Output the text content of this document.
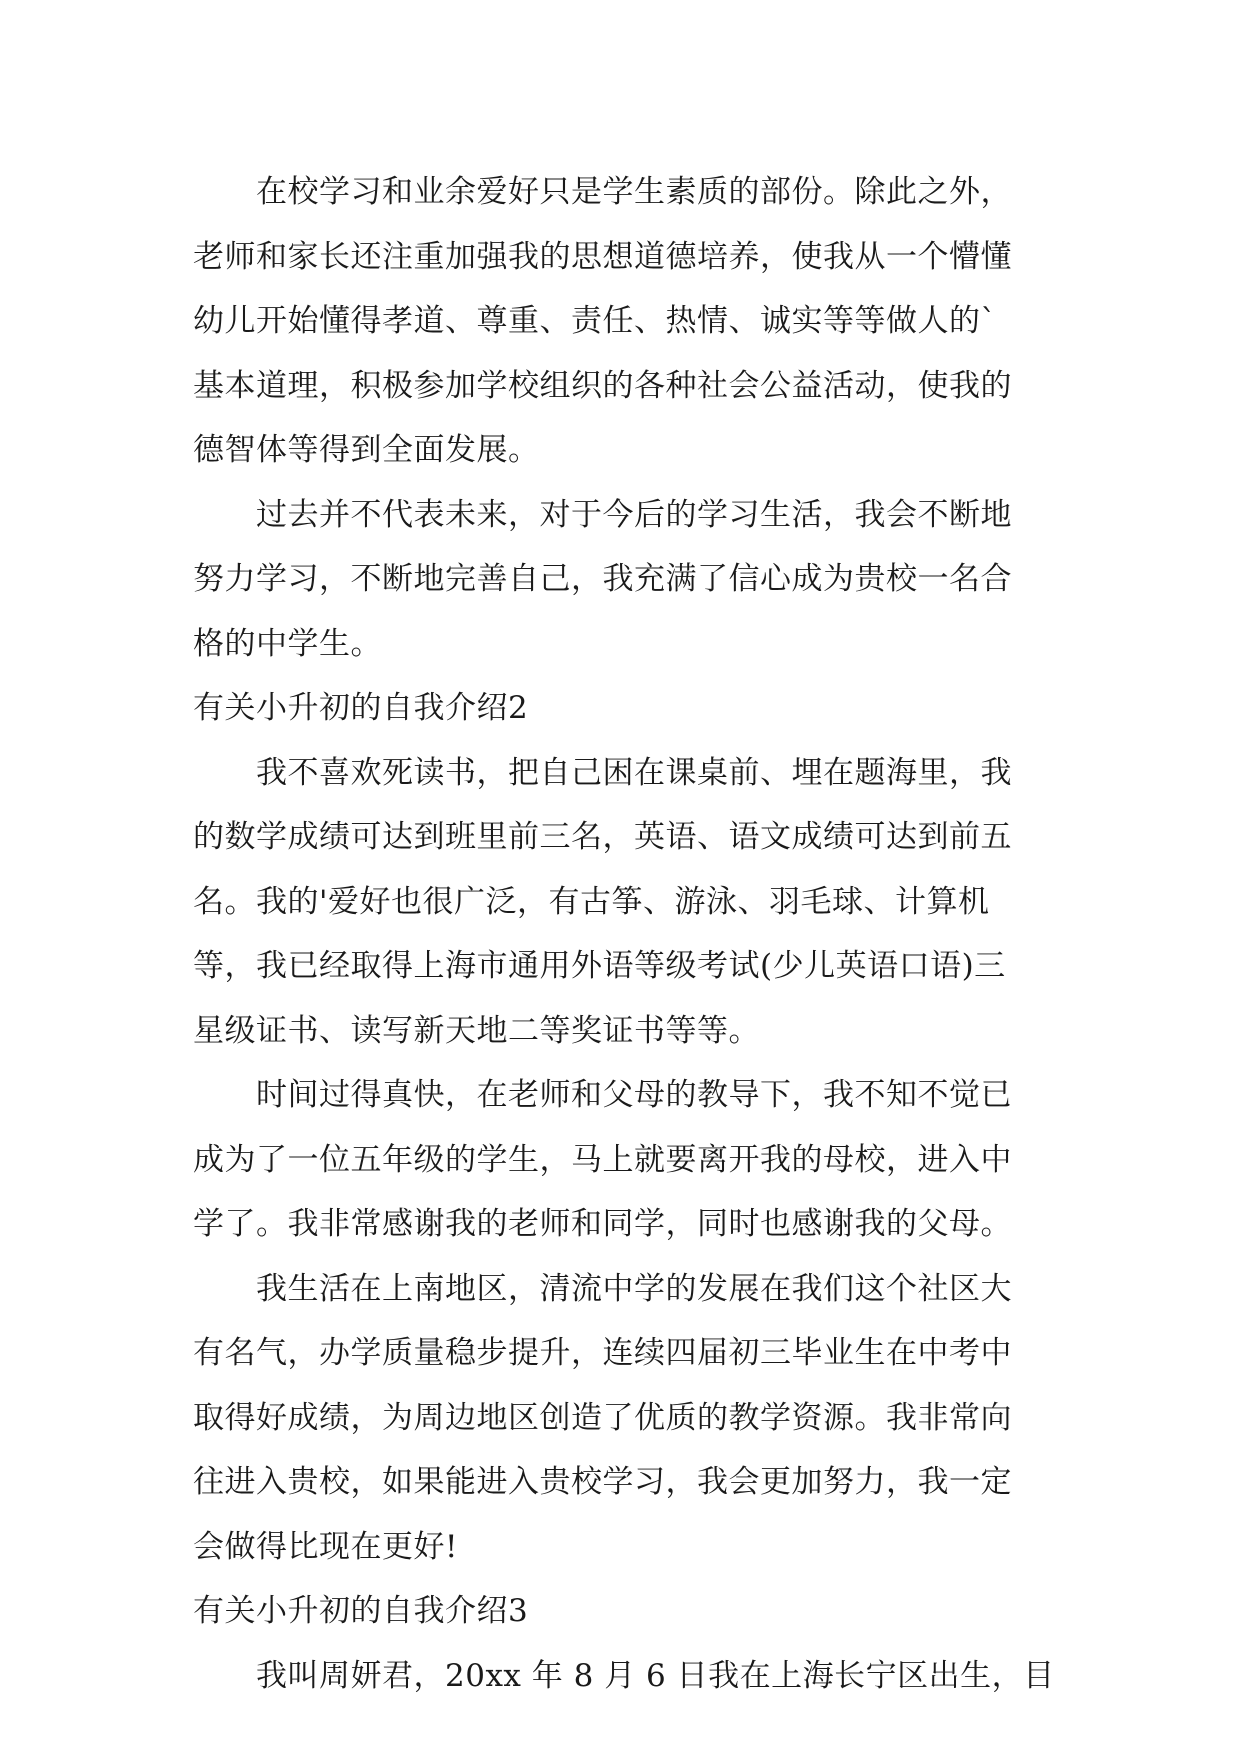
　　在校学习和业余爱好只是学生素质的部份。除此之外，
老师和家长还注重加强我的思想道德培养，使我从一个懵懂
幼儿开始懂得孝道、尊重、责任、热情、诚实等等做人的`
基本道理，积极参加学校组织的各种社会公益活动，使我的
德智体等得到全面发展。
　　过去并不代表未来，对于今后的学习生活，我会不断地
努力学习，不断地完善自己，我充满了信心成为贵校一名合
格的中学生。
有关小升初的自我介绍2
　　我不喜欢死读书，把自己困在课桌前、埋在题海里，我
的数学成绩可达到班里前三名，英语、语文成绩可达到前五
名。我的'爱好也很广泛，有古筝、游泳、羽毛球、计算机
等，我已经取得上海市通用外语等级考试(少儿英语口语)三
星级证书、读写新天地二等奖证书等等。
　　时间过得真快，在老师和父母的教导下，我不知不觉已
成为了一位五年级的学生，马上就要离开我的母校，进入中
学了。我非常感谢我的老师和同学，同时也感谢我的父母。
　　我生活在上南地区，清流中学的发展在我们这个社区大
有名气，办学质量稳步提升，连续四届初三毕业生在中考中
取得好成绩，为周边地区创造了优质的教学资源。我非常向
往进入贵校，如果能进入贵校学习，我会更加努力，我一定
会做得比现在更好!
有关小升初的自我介绍3
　　我叫周妍君，20xx 年 8 月 6 日我在上海长宁区出生，目
